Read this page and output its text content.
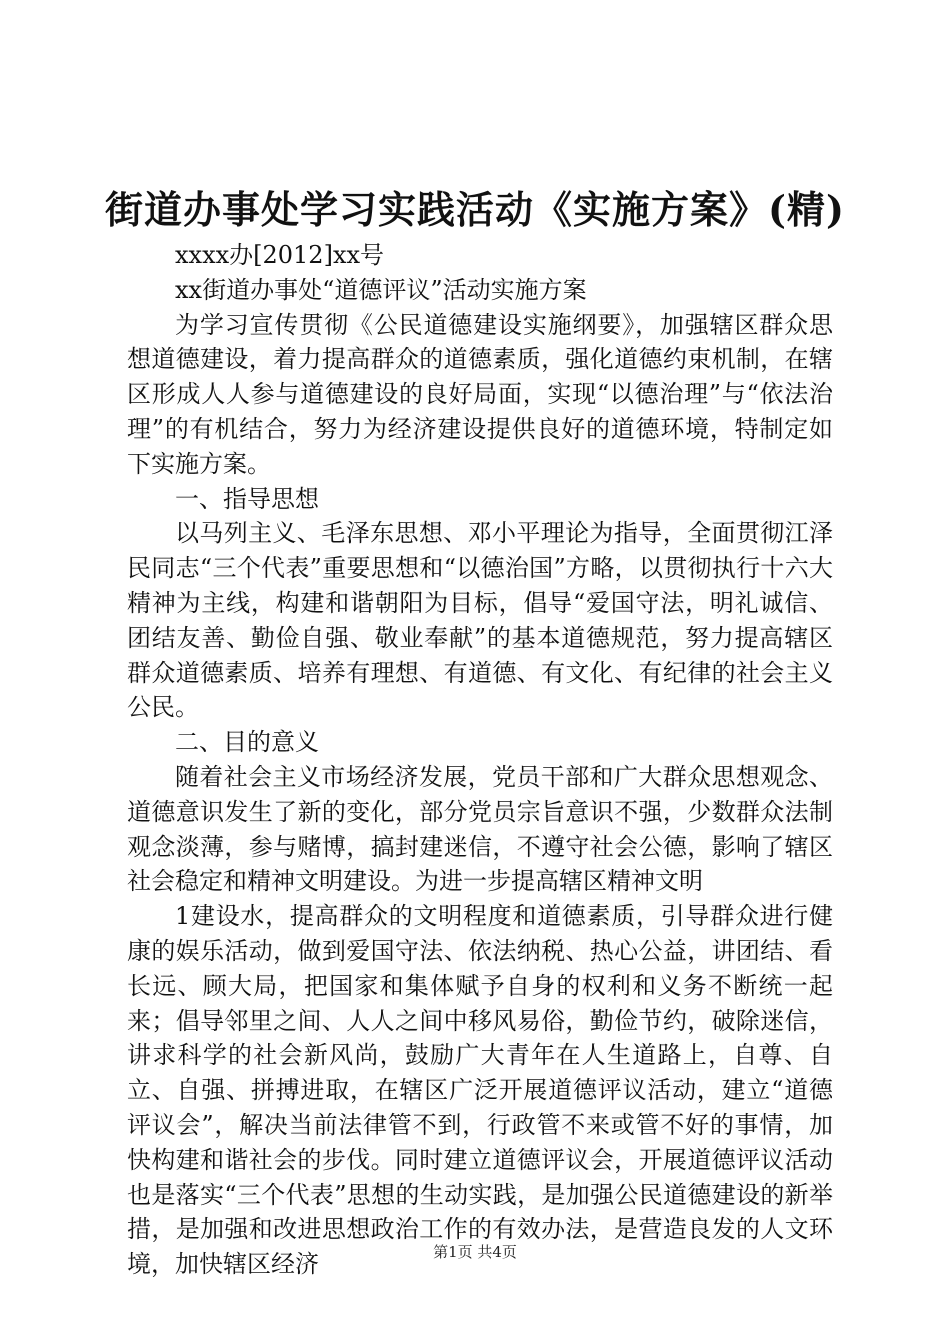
街道办事处学习实践活动《实施方案》(精)

xxxx办[2012]xx号

xx街道办事处“道德评议”活动实施方案

为学习宣传贯彻《公民道德建设实施纲要》，加强辖区群众思想道德建设，着力提高群众的道德素质，强化道德约束机制，在辖区形成人人参与道德建设的良好局面，实现“以德治理”与“依法治理”的有机结合，努力为经济建设提供良好的道德环境，特制定如下实施方案。

一、指导思想

以马列主义、毛泽东思想、邓小平理论为指导，全面贯彻江泽民同志“三个代表”重要思想和“以德治国”方略，以贯彻执行十六大精神为主线，构建和谐朝阳为目标，倡导“爱国守法，明礼诚信、团结友善、勤俭自强、敬业奉献”的基本道德规范，努力提高辖区群众道德素质、培养有理想、有道德、有文化、有纪律的社会主义公民。

二、目的意义

随着社会主义市场经济发展，党员干部和广大群众思想观念、道德意识发生了新的变化，部分党员宗旨意识不强，少数群众法制观念淡薄，参与赌博，搞封建迷信，不遵守社会公德，影响了辖区社会稳定和精神文明建设。为进一步提高辖区精神文明

1建设水，提高群众的文明程度和道德素质，引导群众进行健康的娱乐活动，做到爱国守法、依法纳税、热心公益，讲团结、看长远、顾大局，把国家和集体赋予自身的权利和义务不断统一起来；倡导邻里之间、人人之间中移风易俗，勤俭节约，破除迷信，讲求科学的社会新风尚，鼓励广大青年在人生道路上，自尊、自立、自强、拼搏进取，在辖区广泛开展道德评议活动，建立“道德评议会”，解决当前法律管不到，行政管不来或管不好的事情，加快构建和谐社会的步伐。同时建立道德评议会，开展道德评议活动也是落实“三个代表”思想的生动实践，是加强公民道德建设的新举措，是加强和改进思想政治工作的有效办法，是营造良发的人文环境，加快辖区经济	第1页 共4页
